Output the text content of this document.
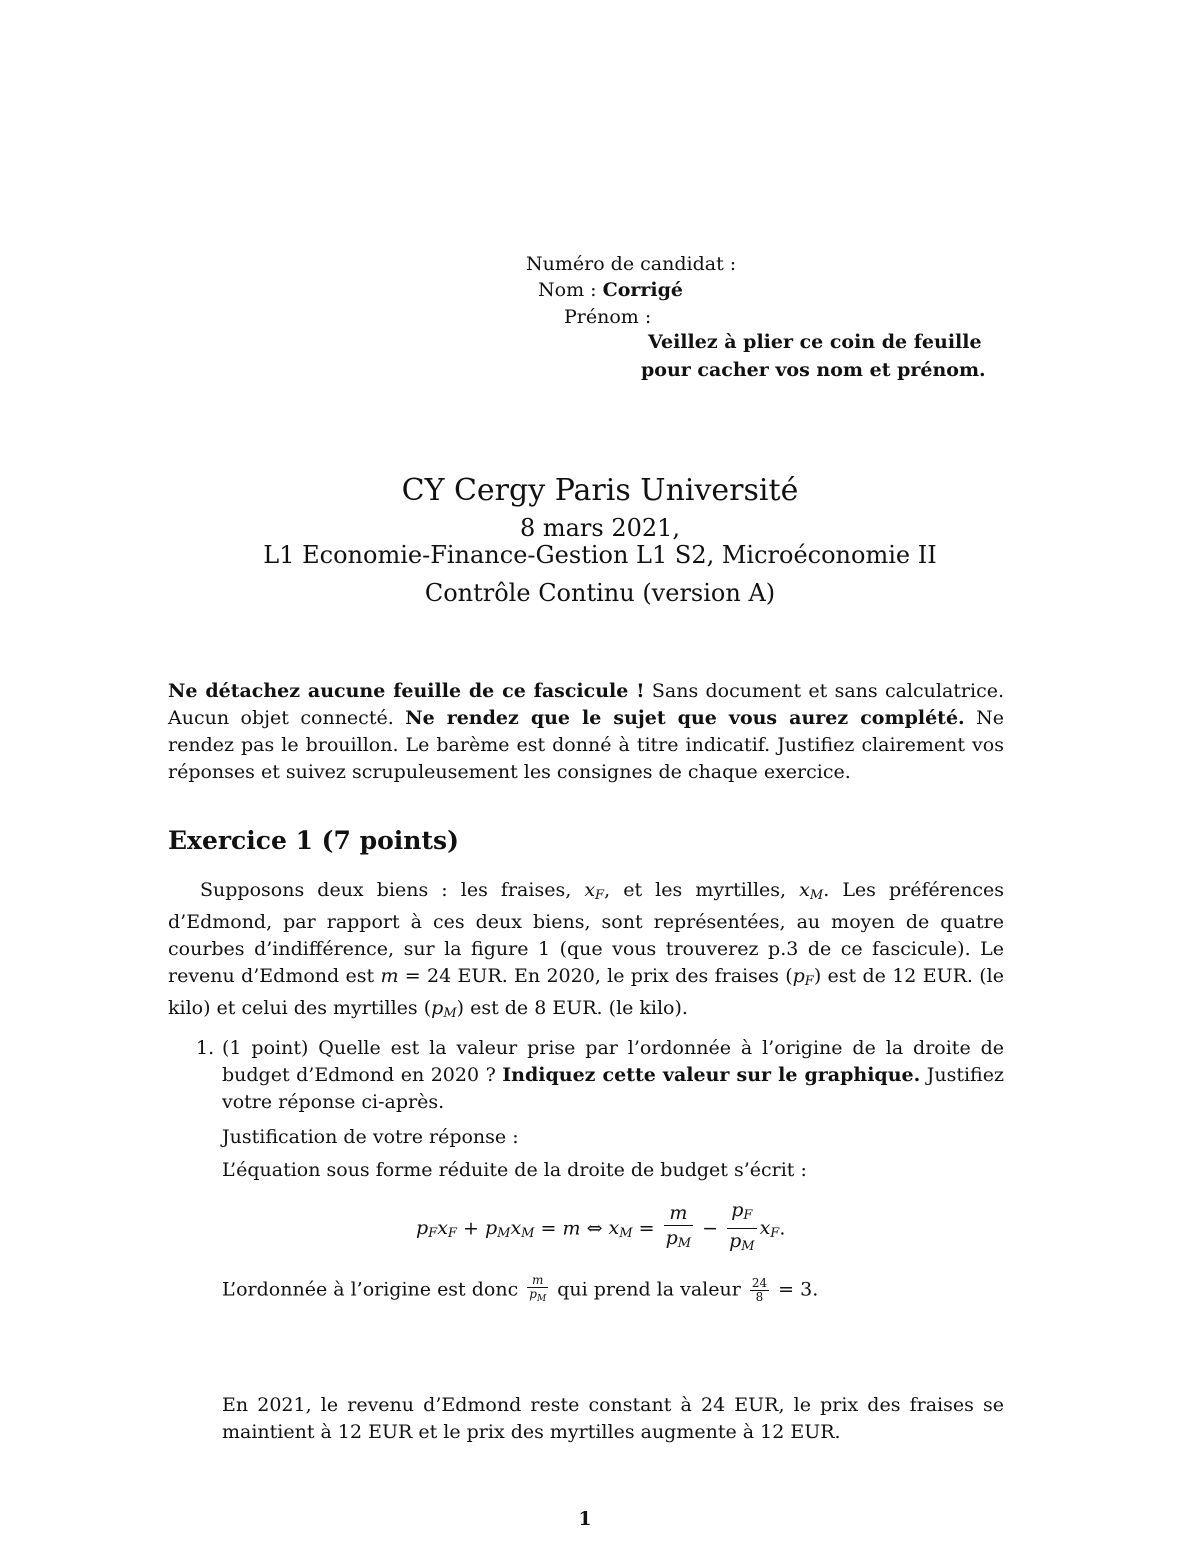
Numéro de candidat :
Nom : Corrigé
Prénom :
Veillez à plier ce coin de feuille
pour cacher vos nom et prénom.
CY Cergy Paris Université
8 mars 2021,
L1 Economie-Finance-Gestion L1 S2, Microéconomie II
Contrôle Continu (version A)
Ne détachez aucune feuille de ce fascicule ! Sans document et sans calculatrice. Aucun objet connecté. Ne rendez que le sujet que vous aurez complété. Ne rendez pas le brouillon. Le barème est donné à titre indicatif. Justifiez clairement vos réponses et suivez scrupuleusement les consignes de chaque exercice.
Exercice 1 (7 points)
Supposons deux biens : les fraises, $x_F$, et les myrtilles, $x_M$. Les préférences d’Edmond, par rapport à ces deux biens, sont représentées, au moyen de quatre courbes d’indifférence, sur la figure 1 (que vous trouverez p.3 de ce fascicule). Le revenu d’Edmond est m = 24 EUR. En 2020, le prix des fraises $(p_F)$ est de 12 EUR. (le kilo) et celui des myrtilles $(p_M)$ est de 8 EUR. (le kilo).
1. (1 point) Quelle est la valeur prise par l’ordonnée à l’origine de la droite de budget d’Edmond en 2020 ? Indiquez cette valeur sur le graphique. Justifiez votre réponse ci-après.
Justification de votre réponse :
L’équation sous forme réduite de la droite de budget s’écrit :
$p_Fx_F + p_Mx_M = m$ ⇔ $x_M = \frac{m}{p_M} - \frac{p_F}{p_M} x_F$.
L’ordonnée à l’origine est donc $\frac{m}{p_M}$ qui prend la valeur $\frac{24}{8} = 3$.
En 2021, le revenu d’Edmond reste constant à 24 EUR, le prix des fraises se maintient à 12 EUR et le prix des myrtilles augmente à 12 EUR.
1
